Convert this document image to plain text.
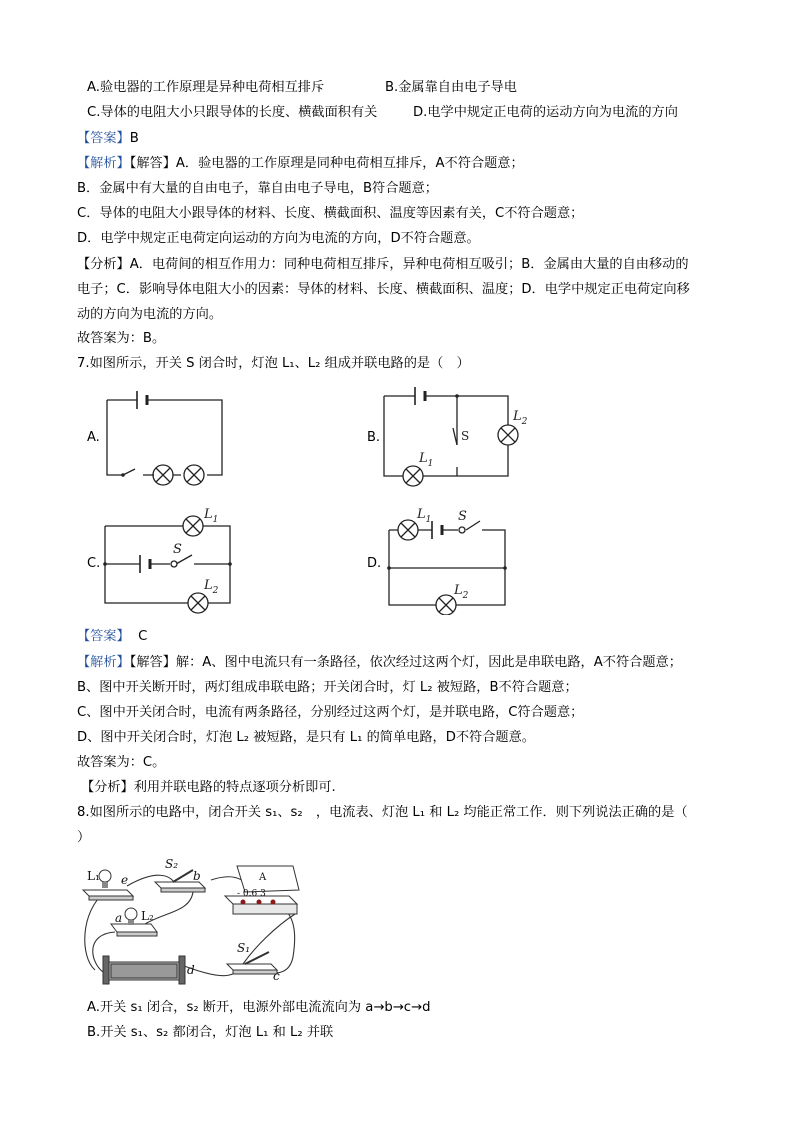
A.验电器的工作原理是异种电荷相互排斥	B.金属靠自由电子导电
C.导体的电阻大小只跟导体的长度、横截面积有关	D.电学中规定正电荷的运动方向为电流的方向
【答案】B
【解析】【解答】A．验电器的工作原理是同种电荷相互排斥，A不符合题意；
B．金属中有大量的自由电子，靠自由电子导电，B符合题意；
C．导体的电阻大小跟导体的材料、长度、横截面积、温度等因素有关，C不符合题意；
D．电学中规定正电荷定向运动的方向为电流的方向，D不符合题意。
【分析】A．电荷间的相互作用力：同种电荷相互排斥，异种电荷相互吸引；B．金属由大量的自由移动的
电子；C．影响导体电阻大小的因素：导体的材料、长度、横截面积、温度；D．电学中规定正电荷定向移
动的方向为电流的方向。
故答案为：B。
7.如图所示，开关 S 闭合时，灯泡 L₁、L₂ 组成并联电路的是（　）
A.	B.	S
$L_2$
$L_1$
C.
S
$L_1$
$L_2$
D.
$L_1$ S
$L_2$
【答案】 C
【解析】【解答】解：A、图中电流只有一条路径，依次经过这两个灯，因此是串联电路，A不符合题意；
B、图中开关断开时，两灯组成串联电路；开关闭合时，灯 L₂ 被短路，B不符合题意；
C、图中开关闭合时，电流有两条路径，分别经过这两个灯，是并联电路，C符合题意；
D、图中开关闭合时，灯泡 L₂ 被短路，是只有 L₁ 的简单电路，D不符合题意。
故答案为：C。
【分析】利用并联电路的特点逐项分析即可.
8.如图所示的电路中，闭合开关 s₁、s₂　，电流表、灯泡 L₁ 和 L₂ 均能正常工作．则下列说法正确的是（
）
L₁ e
S₂
b	A
- 0.6 3
a L₂
S₁
d	c
A.开关 s₁ 闭合，s₂ 断开，电源外部电流流向为 a→b→c→d
B.开关 s₁、s₂ 都闭合，灯泡 L₁ 和 L₂ 并联
